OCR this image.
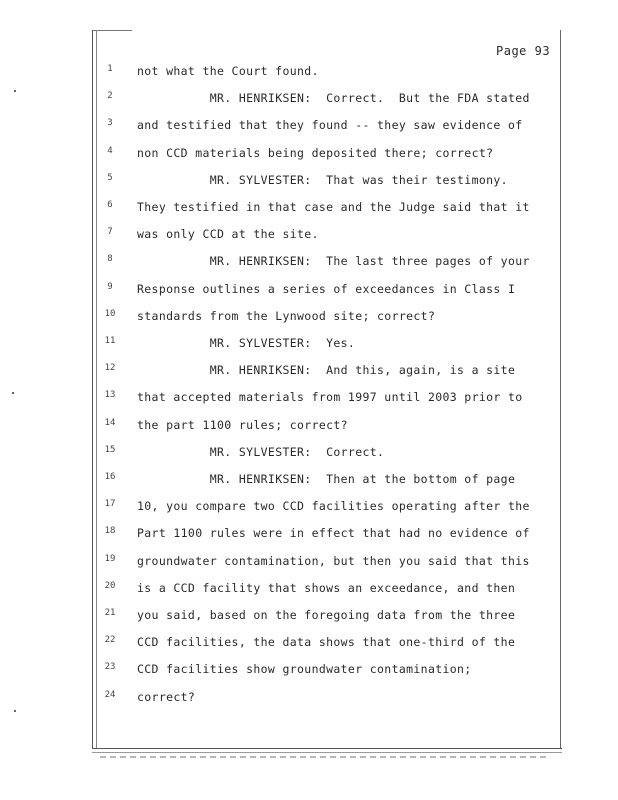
Page 93
1	not what the Court found.
2	MR. HENRIKSEN:  Correct.  But the FDA stated
3	and testified that they found -- they saw evidence of
4	non CCD materials being deposited there; correct?
5	MR. SYLVESTER:  That was their testimony.
6	They testified in that case and the Judge said that it
7	was only CCD at the site.
8	MR. HENRIKSEN:  The last three pages of your
9	Response outlines a series of exceedances in Class I
10	standards from the Lynwood site; correct?
11	MR. SYLVESTER:  Yes.
12	MR. HENRIKSEN:  And this, again, is a site
13	that accepted materials from 1997 until 2003 prior to
14	the part 1100 rules; correct?
15	MR. SYLVESTER:  Correct.
16	MR. HENRIKSEN:  Then at the bottom of page
17	10, you compare two CCD facilities operating after the
18	Part 1100 rules were in effect that had no evidence of
19	groundwater contamination, but then you said that this
20	is a CCD facility that shows an exceedance, and then
21	you said, based on the foregoing data from the three
22	CCD facilities, the data shows that one-third of the
23	CCD facilities show groundwater contamination;
24	correct?
